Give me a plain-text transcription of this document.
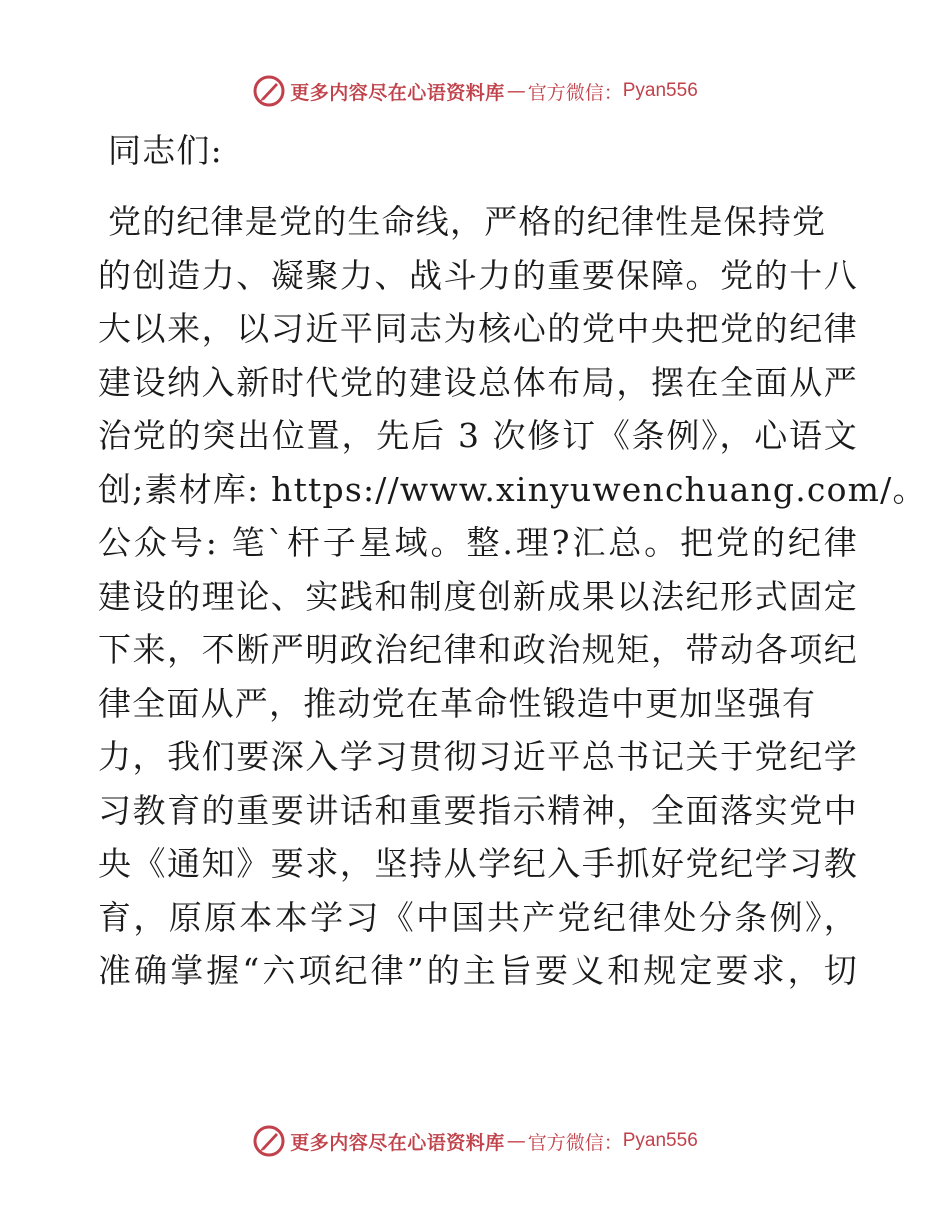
更多内容尽在心语资料库 — 官方微信： Pyan556
同志们:
党的纪律是党的生命线，严格的纪律性是保持党
的创造力、凝聚力、战斗力的重要保障。党的十八
大以来，以习近平同志为核心的党中央把党的纪律
建设纳入新时代党的建设总体布局，摆在全面从严
治党的突出位置，先后 3 次修订《条例》，心语文
创;素材库: https://www.xinyuwenchuang.com/。
公众号: 笔`杆子星域。整.理?汇总。把党的纪律
建设的理论、实践和制度创新成果以法纪形式固定
下来，不断严明政治纪律和政治规矩，带动各项纪
律全面从严，推动党在革命性锻造中更加坚强有
力，我们要深入学习贯彻习近平总书记关于党纪学
习教育的重要讲话和重要指示精神，全面落实党中
央《通知》要求，坚持从学纪入手抓好党纪学习教
育，原原本本学习《中国共产党纪律处分条例》，
准确掌握“六项纪律”的主旨要义和规定要求，切
更多内容尽在心语资料库 — 官方微信： Pyan556
